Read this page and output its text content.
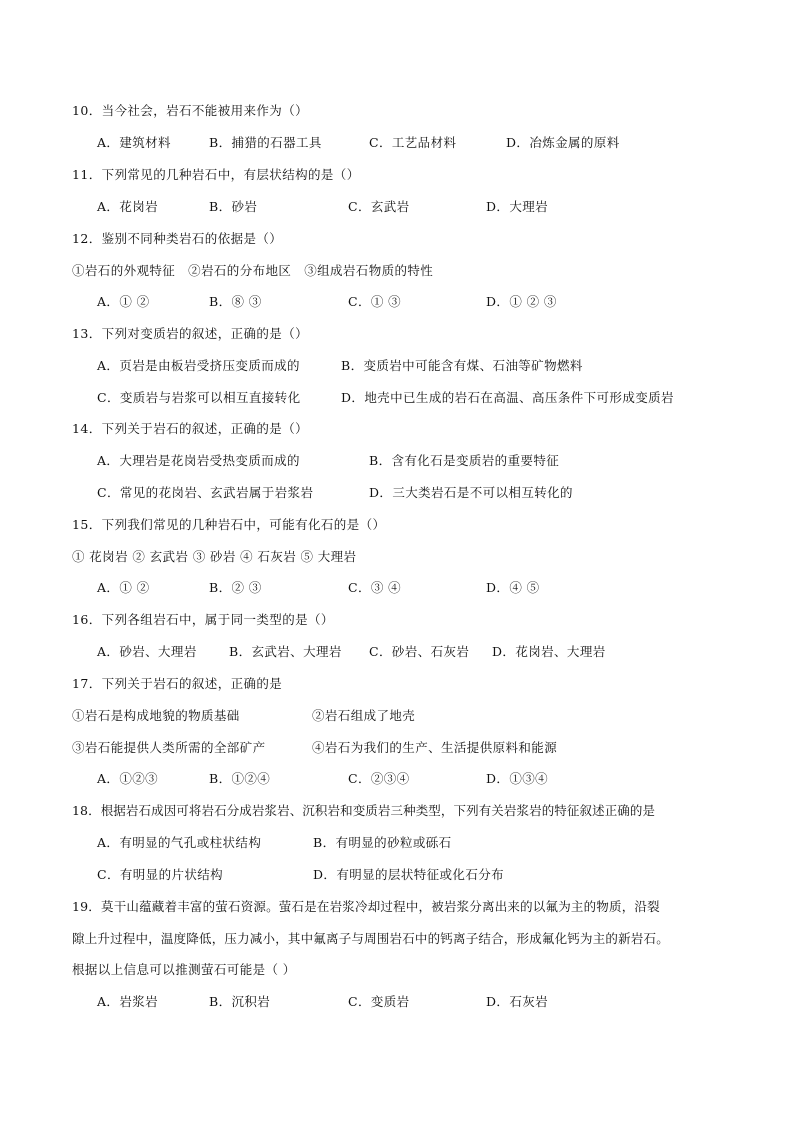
10．当今社会，岩石不能被用来作为（）
A．建筑材料	B．捕猎的石器工具	C．工艺品材料	D．冶炼金属的原料
11．下列常见的几种岩石中，有层状结构的是（）
A．花岗岩	B．砂岩	C．玄武岩	D．大理岩
12．鉴别不同种类岩石的依据是（）
①岩石的外观特征　②岩石的分布地区　③组成岩石物质的特性
A．① ②	B．⑧ ③	C．① ③	D．① ② ③
13．下列对变质岩的叙述，正确的是（）
A．页岩是由板岩受挤压变质而成的	B．变质岩中可能含有煤、石油等矿物燃料
C．变质岩与岩浆可以相互直接转化	D．地壳中已生成的岩石在高温、高压条件下可形成变质岩
14．下列关于岩石的叙述，正确的是（）
A．大理岩是花岗岩受热变质而成的	B．含有化石是变质岩的重要特征
C．常见的花岗岩、玄武岩属于岩浆岩	D．三大类岩石是不可以相互转化的
15．下列我们常见的几种岩石中，可能有化石的是（）
① 花岗岩 ② 玄武岩 ③ 砂岩 ④ 石灰岩 ⑤ 大理岩
A．① ②	B．② ③	C．③ ④	D．④ ⑤
16．下列各组岩石中，属于同一类型的是（）
A．砂岩、大理岩	B．玄武岩、大理岩 C．砂岩、石灰岩 D．花岗岩、大理岩
17．下列关于岩石的叙述，正确的是
①岩石是构成地貌的物质基础	②岩石组成了地壳
③岩石能提供人类所需的全部矿产	④岩石为我们的生产、生活提供原料和能源
A．①②③	B．①②④	C．②③④	D．①③④
18．根据岩石成因可将岩石分成岩浆岩、沉积岩和变质岩三种类型，下列有关岩浆岩的特征叙述正确的是
A．有明显的气孔或柱状结构	B．有明显的砂粒或砾石
C．有明显的片状结构	D．有明显的层状特征或化石分布
19．莫干山蕴藏着丰富的萤石资源。萤石是在岩浆冷却过程中，被岩浆分离出来的以氟为主的物质，沿裂
隙上升过程中，温度降低，压力减小，其中氟离子与周围岩石中的钙离子结合，形成氟化钙为主的新岩石。
根据以上信息可以推测萤石可能是（ ）
A．岩浆岩	B．沉积岩	C．变质岩	D．石灰岩
